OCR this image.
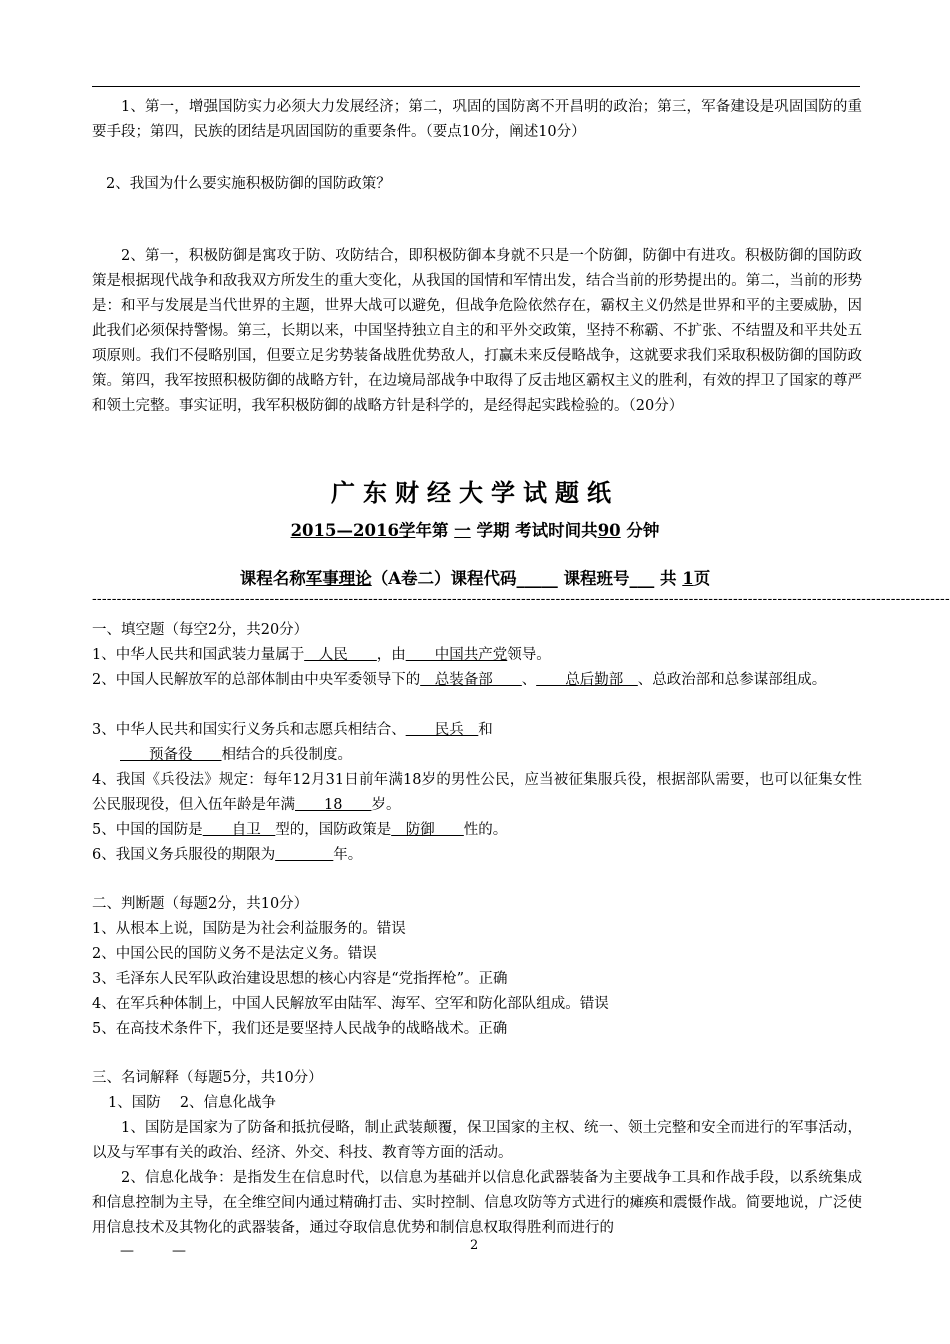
1、第一，增强国防实力必须大力发展经济；第二，巩固的国防离不开昌明的政治；第三，军备建设是巩固国防的重要手段；第四，民族的团结是巩固国防的重要条件。（要点10分，阐述10分）
2、我国为什么要实施积极防御的国防政策？
2、第一，积极防御是寓攻于防、攻防结合，即积极防御本身就不只是一个防御，防御中有进攻。积极防御的国防政策是根据现代战争和敌我双方所发生的重大变化，从我国的国情和军情出发，结合当前的形势提出的。第二，当前的形势是：和平与发展是当代世界的主题，世界大战可以避免，但战争危险依然存在，霸权主义仍然是世界和平的主要威胁，因此我们必须保持警惕。第三，长期以来，中国坚持独立自主的和平外交政策，坚持不称霸、不扩张、不结盟及和平共处五项原则。我们不侵略别国，但要立足劣势装备战胜优势敌人，打赢未来反侵略战争，这就要求我们采取积极防御的国防政策。第四，我军按照积极防御的战略方针，在边境局部战争中取得了反击地区霸权主义的胜利，有效的捍卫了国家的尊严和领土完整。事实证明，我军积极防御的战略方针是科学的，是经得起实践检验的。（20分）
广东财经大学试题纸
2015—2016学年第 一 学期 考试时间共90 分钟
课程名称军事理论（A卷二）课程代码_____ 课程班号___ 共 1页
------------------------------------------------------------------------------------------------------------------------------------------------------------------------------
一、填空题（每空2分，共20分）
1、中华人民共和国武装力量属于＿人民＿＿，由＿＿中国共产党领导。
2、中国人民解放军的总部体制由中央军委领导下的＿总装备部＿＿、＿＿总后勤部＿、总政治部和总参谋部组成。
3、中华人民共和国实行义务兵和志愿兵相结合、＿＿民兵＿和
＿＿预备役＿＿相结合的兵役制度。
4、我国《兵役法》规定：每年12月31日前年满18岁的男性公民，应当被征集服兵役，根据部队需要，也可以征集女性公民服现役，但入伍年龄是年满＿＿18＿＿岁。
5、中国的国防是＿＿自卫＿型的，国防政策是＿防御＿＿性的。
6、我国义务兵服役的期限为＿＿＿＿年。
二、判断题（每题2分，共10分）
1、从根本上说，国防是为社会利益服务的。错误
2、中国公民的国防义务不是法定义务。错误
3、毛泽东人民军队政治建设思想的核心内容是“党指挥枪”。正确
4、在军兵种体制上，中国人民解放军由陆军、海军、空军和防化部队组成。错误
5、在高技术条件下，我们还是要坚持人民战争的战略战术。正确
三、名词解释（每题5分，共10分）
1、国防　 2、信息化战争
1、国防是国家为了防备和抵抗侵略，制止武装颠覆，保卫国家的主权、统一、领土完整和安全而进行的军事活动，以及与军事有关的政治、经济、外交、科技、教育等方面的活动。
2、信息化战争：是指发生在信息时代，以信息为基础并以信息化武器装备为主要战争工具和作战手段，以系统集成和信息控制为主导，在全维空间内通过精确打击、实时控制、信息攻防等方式进行的瘫痪和震慑作战。简要地说，广泛使用信息技术及其物化的武器装备，通过夺取信息优势和制信息权取得胜利而进行的
—　—	2
